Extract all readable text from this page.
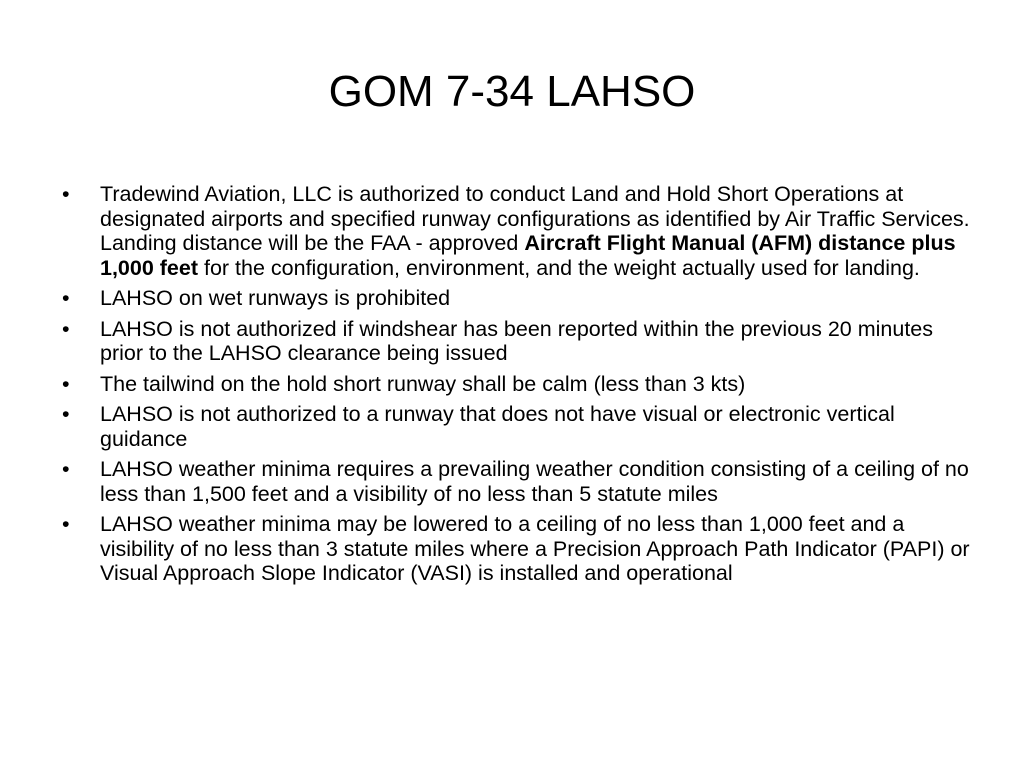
GOM 7-34 LAHSO
•	Tradewind Aviation, LLC is authorized to conduct Land and Hold Short Operations at designated airports and specified runway configurations as identified by Air Traffic Services. Landing distance will be the FAA - approved Aircraft Flight Manual (AFM) distance plus 1,000 feet for the configuration, environment, and the weight actually used for landing.
•	LAHSO on wet runways is prohibited
•	LAHSO is not authorized if windshear has been reported within the previous 20 minutes prior to the LAHSO clearance being issued
•	The tailwind on the hold short runway shall be calm (less than 3 kts)
•	LAHSO is not authorized to a runway that does not have visual or electronic vertical guidance
•	LAHSO weather minima requires a prevailing weather condition consisting of a ceiling of no less than 1,500 feet and a visibility of no less than 5 statute miles
•	LAHSO weather minima may be lowered to a ceiling of no less than 1,000 feet and a visibility of no less than 3 statute miles where a Precision Approach Path Indicator (PAPI) or Visual Approach Slope Indicator (VASI) is installed and operational
